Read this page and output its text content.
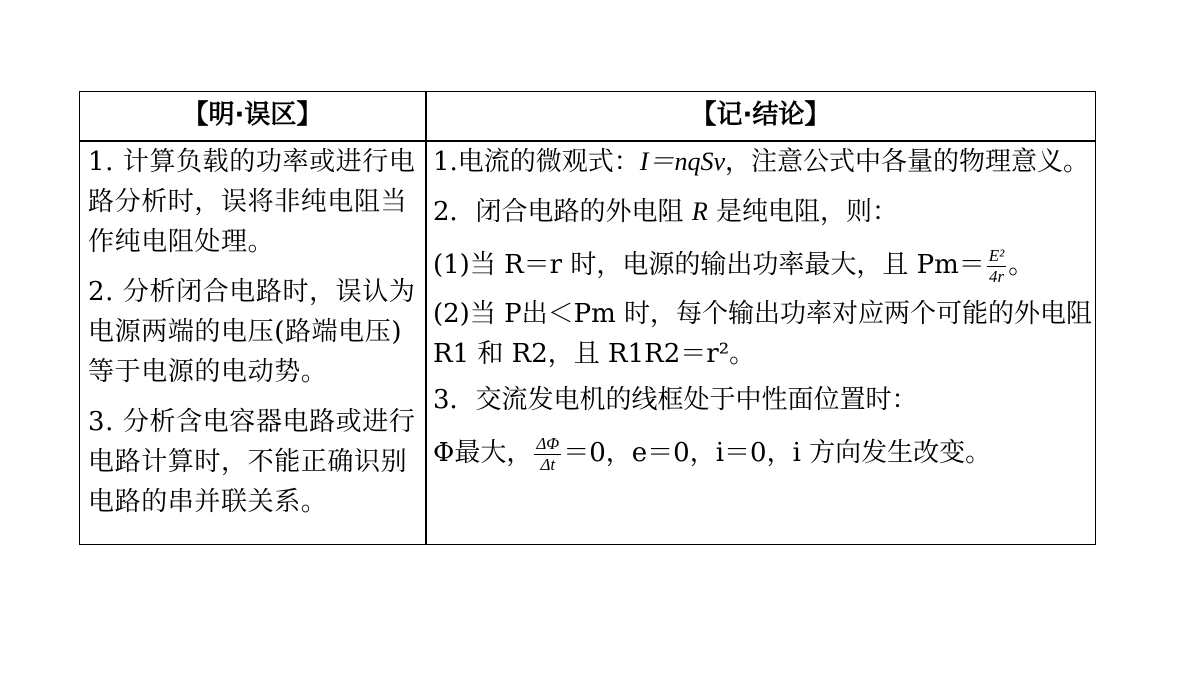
【明·误区】	【记·结论】

1. 计算负载的功率或进行电路分析时，误将非纯电阻当作纯电阻处理。

2. 分析闭合电路时，误认为电源两端的电压(路端电压)等于电源的电动势。

3. 分析含电容器电路或进行电路计算时，不能正确识别电路的串并联关系。

1.电流的微观式：I＝nqSv，注意公式中各量的物理意义。

2．闭合电路的外电阻 R 是纯电阻，则：

(1)当 R＝r 时，电源的输出功率最大，且 $Pm= \frac{\text{E²}}{4r}$ 。

(2)当 P出＜Pm 时，每个输出功率对应两个可能的外电阻 R1 和 R2，且 R1R2＝r²。

3．交流发电机的线框处于中性面位置时：

Φ最大， $\frac{\Delta\Phi}{\Delta t} =0$，e＝0，i＝0，i 方向发生改变。
